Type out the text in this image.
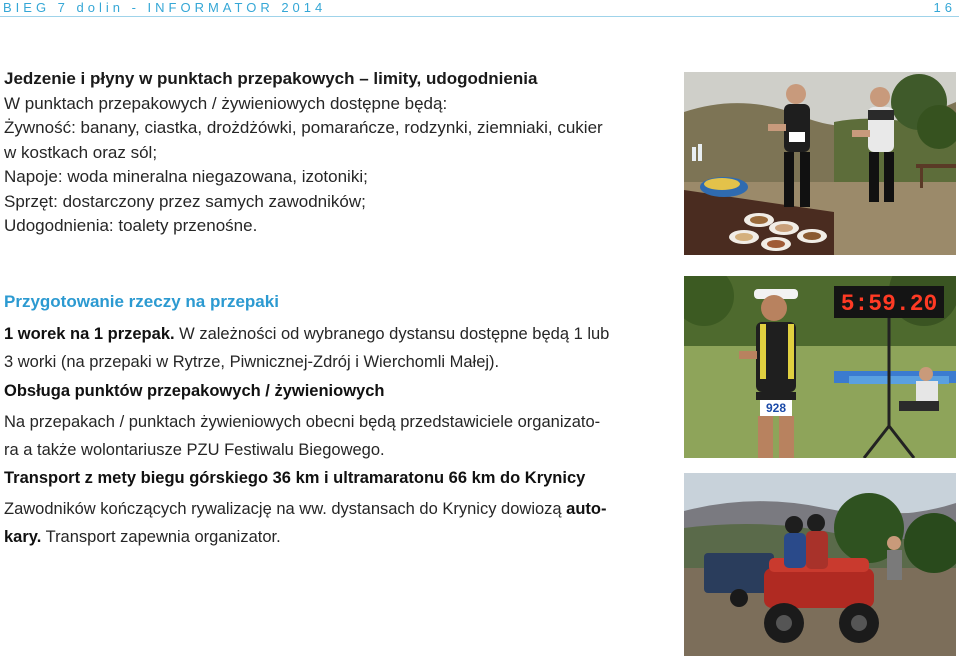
BIEG 7 dolin - INFORMATOR 2014	16

Jedzenie i płyny w punktach przepakowych – limity, udogodnienia

W punktach przepakowych / żywieniowych dostępne będą:

Żywność: banany, ciastka, drożdżówki, pomarańcze, rodzynki, ziemniaki, cukier

w kostkach oraz sól;

Napoje: woda mineralna niegazowana, izotoniki;

Sprzęt: dostarczony przez samych zawodników;

Udogodnienia: toalety przenośne.

Przygotowanie rzeczy na przepaki

1 worek na 1 przepak. W zależności od wybranego dystansu dostępne będą 1 lub

3 worki (na przepaki w Rytrze, Piwnicznej-Zdrój i Wierchomli Małej).

Obsługa punktów przepakowych / żywieniowych

Na przepakach / punktach żywieniowych obecni będą przedstawiciele organizato-

ra a także wolontariusze PZU Festiwalu Biegowego.

Transport z mety biegu górskiego 36 km i ultramaratonu 66 km do Krynicy

Zawodników kończących rywalizację na ww. dystansach do Krynicy dowiozą auto-

kary. Transport zapewnia organizator.

5:59.20
928
